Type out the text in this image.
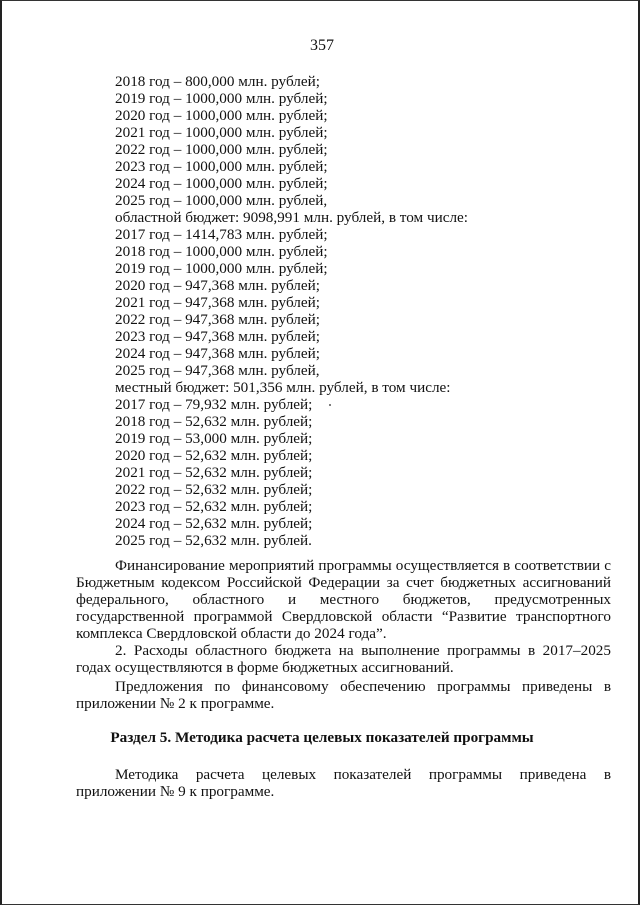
357
2018 год – 800,000 млн. рублей;
2019 год – 1000,000 млн. рублей;
2020 год – 1000,000 млн. рублей;
2021 год – 1000,000 млн. рублей;
2022 год – 1000,000 млн. рублей;
2023 год – 1000,000 млн. рублей;
2024 год – 1000,000 млн. рублей;
2025 год – 1000,000 млн. рублей,
областной бюджет: 9098,991 млн. рублей, в том числе:
2017 год – 1414,783 млн. рублей;
2018 год – 1000,000 млн. рублей;
2019 год – 1000,000 млн. рублей;
2020 год – 947,368 млн. рублей;
2021 год – 947,368 млн. рублей;
2022 год – 947,368 млн. рублей;
2023 год – 947,368 млн. рублей;
2024 год – 947,368 млн. рублей;
2025 год – 947,368 млн. рублей,
местный бюджет: 501,356 млн. рублей, в том числе:
2017 год – 79,932 млн. рублей;
2018 год – 52,632 млн. рублей;
2019 год – 53,000 млн. рублей;
2020 год – 52,632 млн. рублей;
2021 год – 52,632 млн. рублей;
2022 год – 52,632 млн. рублей;
2023 год – 52,632 млн. рублей;
2024 год – 52,632 млн. рублей;
2025 год – 52,632 млн. рублей.

Финансирование мероприятий программы осуществляется в соответствии с Бюджетным кодексом Российской Федерации за счет бюджетных ассигнований федерального, областного и местного бюджетов, предусмотренных государственной программой Свердловской области “Развитие транспортного комплекса Свердловской области до 2024 года”.

2. Расходы областного бюджета на выполнение программы в 2017–2025 годах осуществляются в форме бюджетных ассигнований.

Предложения по финансовому обеспечению программы приведены в приложении № 2 к программе.

Раздел 5. Методика расчета целевых показателей программы

Методика расчета целевых показателей программы приведена в приложении № 9 к программе.
